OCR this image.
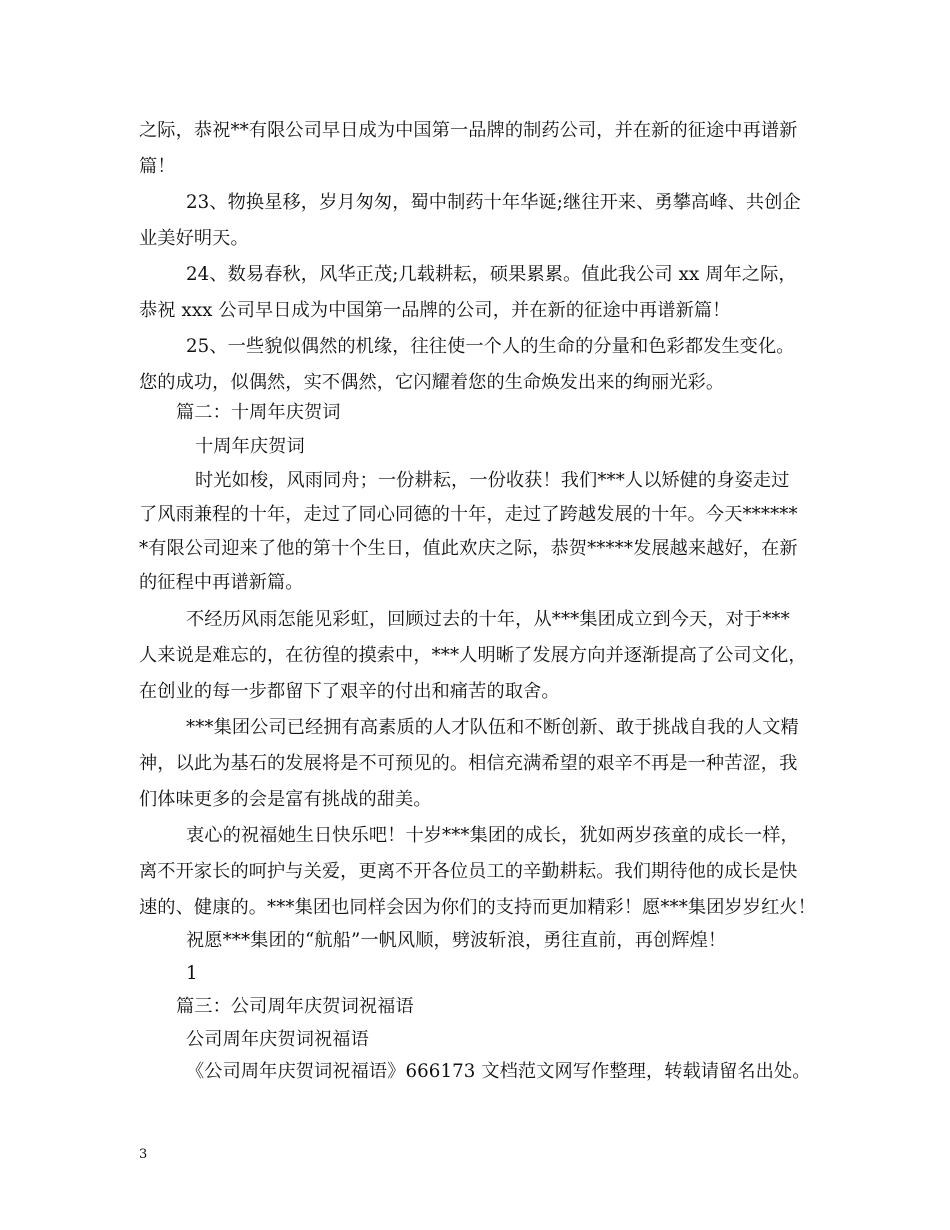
之际，恭祝**有限公司早日成为中国第一品牌的制药公司，并在新的征途中再谱新
篇！
23、物换星移，岁月匆匆，蜀中制药十年华诞;继往开来、勇攀高峰、共创企
业美好明天。
24、数易春秋，风华正茂;几载耕耘，硕果累累。值此我公司 xx 周年之际，
恭祝 xxx 公司早日成为中国第一品牌的公司，并在新的征途中再谱新篇！
25、一些貌似偶然的机缘，往往使一个人的生命的分量和色彩都发生变化。
您的成功，似偶然，实不偶然，它闪耀着您的生命焕发出来的绚丽光彩。
篇二：十周年庆贺词
十周年庆贺词
时光如梭，风雨同舟；一份耕耘，一份收获！我们***人以矫健的身姿走过
了风雨兼程的十年，走过了同心同德的十年，走过了跨越发展的十年。今天******
*有限公司迎来了他的第十个生日，值此欢庆之际，恭贺*****发展越来越好，在新
的征程中再谱新篇。
不经历风雨怎能见彩虹，回顾过去的十年，从***集团成立到今天，对于***
人来说是难忘的，在彷徨的摸索中，***人明晰了发展方向并逐渐提高了公司文化，
在创业的每一步都留下了艰辛的付出和痛苦的取舍。
***集团公司已经拥有高素质的人才队伍和不断创新、敢于挑战自我的人文精
神，以此为基石的发展将是不可预见的。相信充满希望的艰辛不再是一种苦涩，我
们体味更多的会是富有挑战的甜美。
衷心的祝福她生日快乐吧！十岁***集团的成长，犹如两岁孩童的成长一样，
离不开家长的呵护与关爱，更离不开各位员工的辛勤耕耘。我们期待他的成长是快
速的、健康的。***集团也同样会因为你们的支持而更加精彩！愿***集团岁岁红火！
祝愿***集团的“航船”一帆风顺，劈波斩浪，勇往直前，再创辉煌！
1
篇三：公司周年庆贺词祝福语
公司周年庆贺词祝福语
《公司周年庆贺词祝福语》666173 文档范文网写作整理，转载请留名出处。
3
